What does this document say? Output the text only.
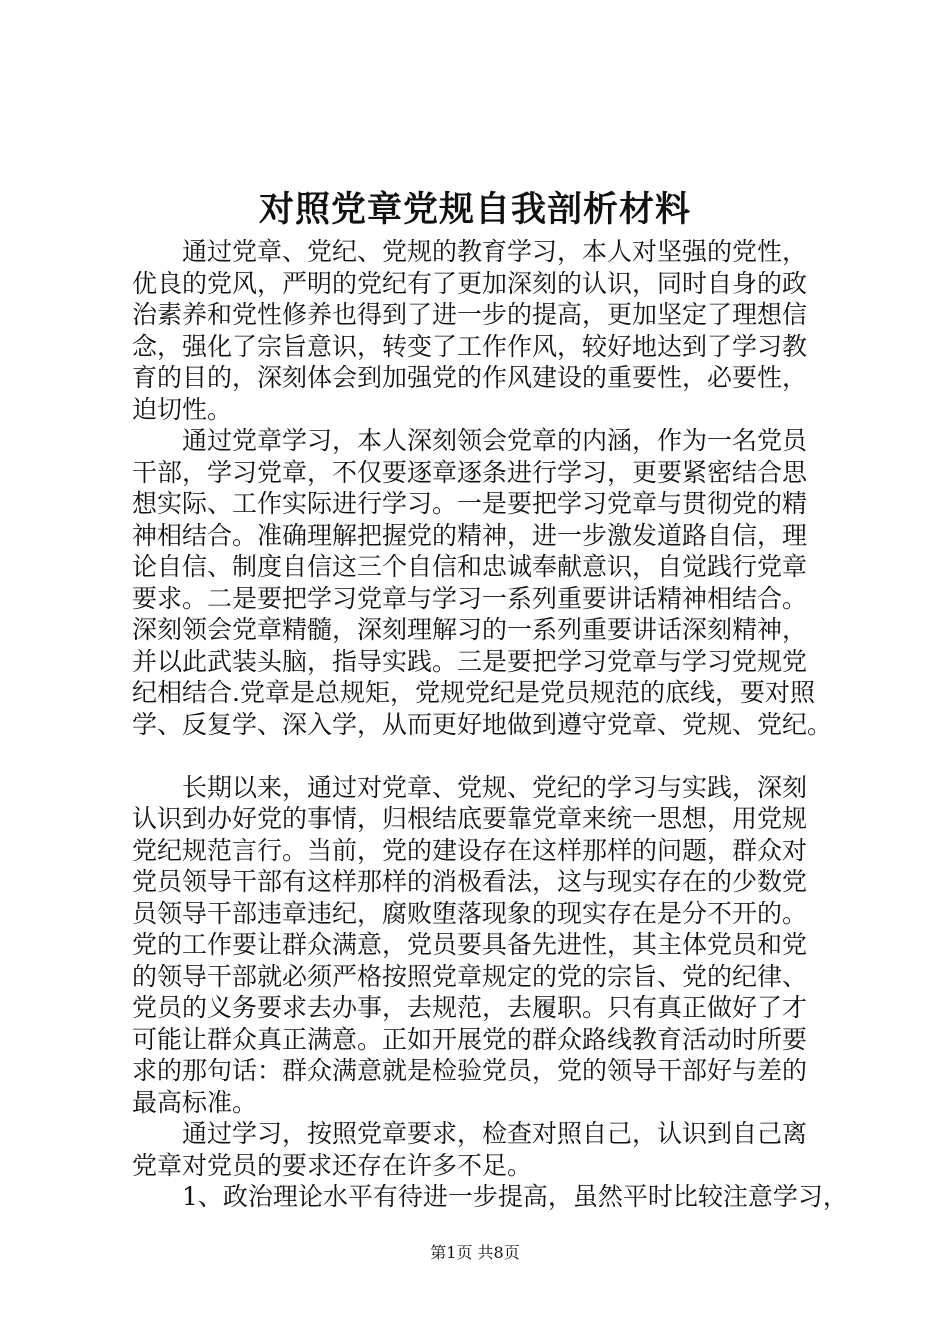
对照党章党规自我剖析材料
通过党章、党纪、党规的教育学习，本人对坚强的党性，
优良的党风，严明的党纪有了更加深刻的认识，同时自身的政
治素养和党性修养也得到了进一步的提高，更加坚定了理想信
念，强化了宗旨意识，转变了工作作风，较好地达到了学习教
育的目的，深刻体会到加强党的作风建设的重要性，必要性，
迫切性。
通过党章学习，本人深刻领会党章的内涵，作为一名党员
干部，学习党章，不仅要逐章逐条进行学习，更要紧密结合思
想实际、工作实际进行学习。一是要把学习党章与贯彻党的精
神相结合。准确理解把握党的精神，进一步激发道路自信，理
论自信、制度自信这三个自信和忠诚奉献意识，自觉践行党章
要求。二是要把学习党章与学习一系列重要讲话精神相结合。
深刻领会党章精髓，深刻理解习的一系列重要讲话深刻精神，
并以此武装头脑，指导实践。三是要把学习党章与学习党规党
纪相结合.党章是总规矩，党规党纪是党员规范的底线，要对照
学、反复学、深入学，从而更好地做到遵守党章、党规、党纪。
长期以来，通过对党章、党规、党纪的学习与实践，深刻
认识到办好党的事情，归根结底要靠党章来统一思想，用党规
党纪规范言行。当前，党的建设存在这样那样的问题，群众对
党员领导干部有这样那样的消极看法，这与现实存在的少数党
员领导干部违章违纪，腐败堕落现象的现实存在是分不开的。
党的工作要让群众满意，党员要具备先进性，其主体党员和党
的领导干部就必须严格按照党章规定的党的宗旨、党的纪律、
党员的义务要求去办事，去规范，去履职。只有真正做好了才
可能让群众真正满意。正如开展党的群众路线教育活动时所要
求的那句话：群众满意就是检验党员，党的领导干部好与差的
最高标准。
通过学习，按照党章要求，检查对照自己，认识到自己离
党章对党员的要求还存在许多不足。
1、政治理论水平有待进一步提高，虽然平时比较注意学习，
第1页 共8页
